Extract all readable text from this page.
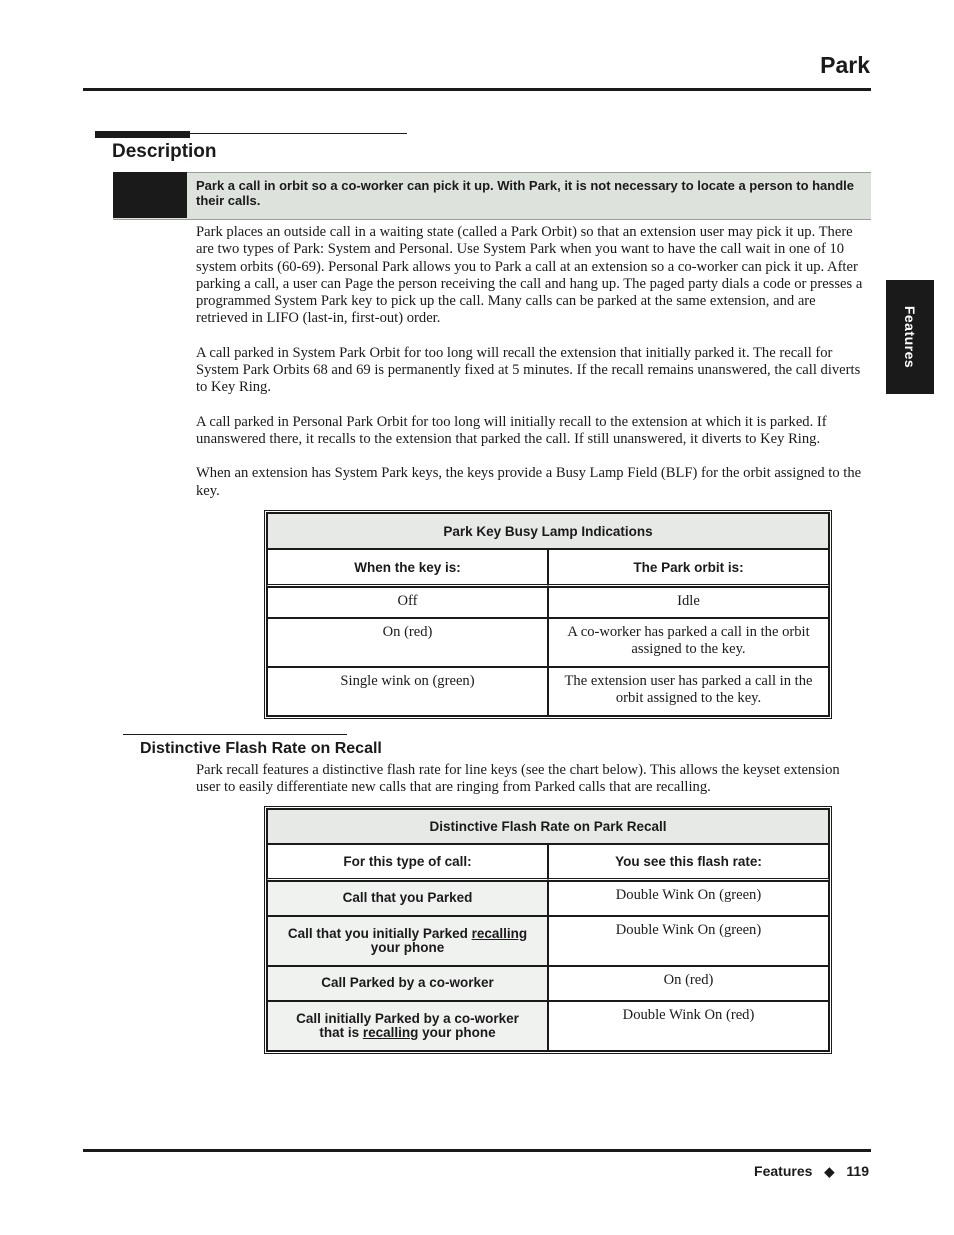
Park
Description
Park a call in orbit so a co-worker can pick it up. With Park, it is not necessary to locate a person to handle their calls.
Features

Park places an outside call in a waiting state (called a Park Orbit) so that an extension user may pick it up. There are two types of Park: System and Personal. Use System Park when you want to have the call wait in one of 10 system orbits (60-69). Personal Park allows you to Park a call at an extension so a co-worker can pick it up. After parking a call, a user can Page the person receiving the call and hang up. The paged party dials a code or presses a programmed System Park key to pick up the call. Many calls can be parked at the same extension, and are retrieved in LIFO (last-in, first-out) order.

A call parked in System Park Orbit for too long will recall the extension that initially parked it. The recall for System Park Orbits 68 and 69 is permanently fixed at 5 minutes. If the recall remains unanswered, the call diverts to Key Ring.

A call parked in Personal Park Orbit for too long will initially recall to the extension at which it is parked. If unanswered there, it recalls to the extension that parked the call. If still unanswered, it diverts to Key Ring.

When an extension has System Park keys, the keys provide a Busy Lamp Field (BLF) for the orbit assigned to the key.

Park Key Busy Lamp Indications	
When the key is:	The Park orbit is:
Off	Idle
On (red)	A co-worker has parked a call in the orbit assigned to the key.
Single wink on (green)	The extension user has parked a call in the orbit assigned to the key.
Distinctive Flash Rate on Recall

Park recall features a distinctive flash rate for line keys (see the chart below). This allows the keyset extension user to easily differentiate new calls that are ringing from Parked calls that are recalling.

Distinctive Flash Rate on Park Recall	
For this type of call:	You see this flash rate:
Call that you Parked	Double Wink On (green)
Call that you initially Parked recalling your phone	Double Wink On (green)
Call Parked by a co-worker	On (red)
Call initially Parked by a co-worker that is recalling your phone	Double Wink On (red)
Features ◆ 119
